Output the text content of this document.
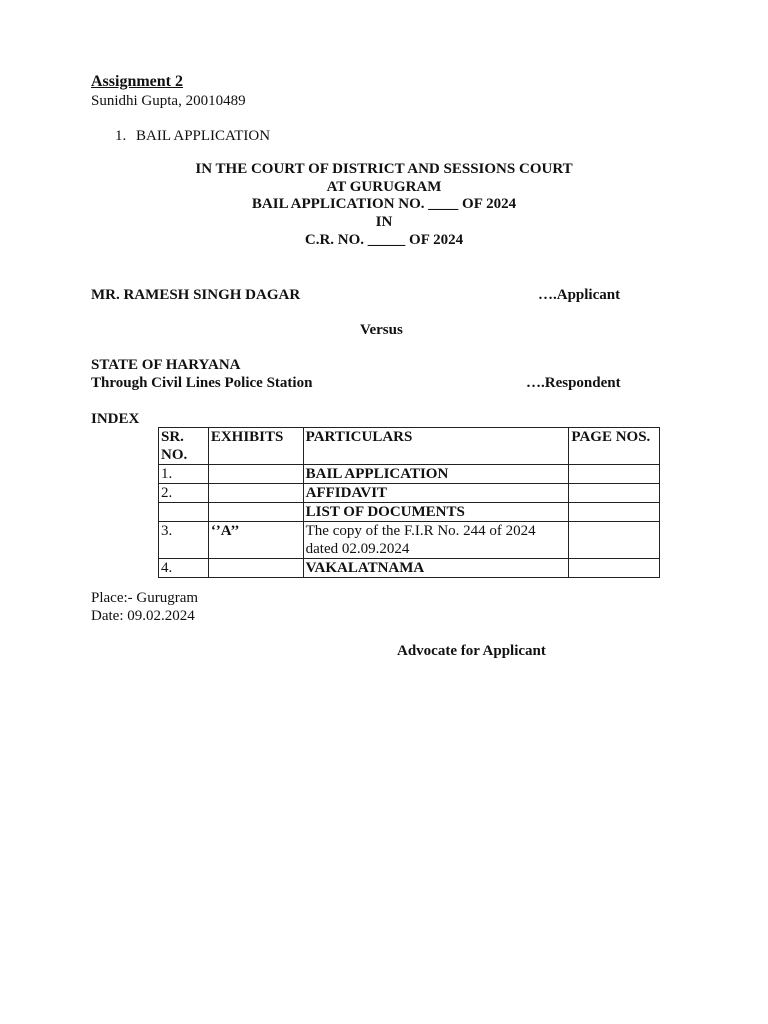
Assignment 2
Sunidhi Gupta, 20010489
1. BAIL APPLICATION
IN THE COURT OF DISTRICT AND SESSIONS COURT
AT GURUGRAM
BAIL APPLICATION NO. ____ OF 2024
IN
C.R. NO. _____ OF 2024
MR. RAMESH SINGH DAGAR	….Applicant
Versus
STATE OF HARYANA
Through Civil Lines Police Station	….Respondent
INDEX
SR. NO.	EXHIBITS	PARTICULARS	PAGE NOS.
1.		BAIL APPLICATION	
2.		AFFIDAVIT	
		LIST OF DOCUMENTS	
3.	‘’A’’	The copy of the F.I.R No. 244 of 2024 dated 02.09.2024	
4.		VAKALATNAMA	
Place:- Gurugram
Date: 09.02.2024
Advocate for Applicant
